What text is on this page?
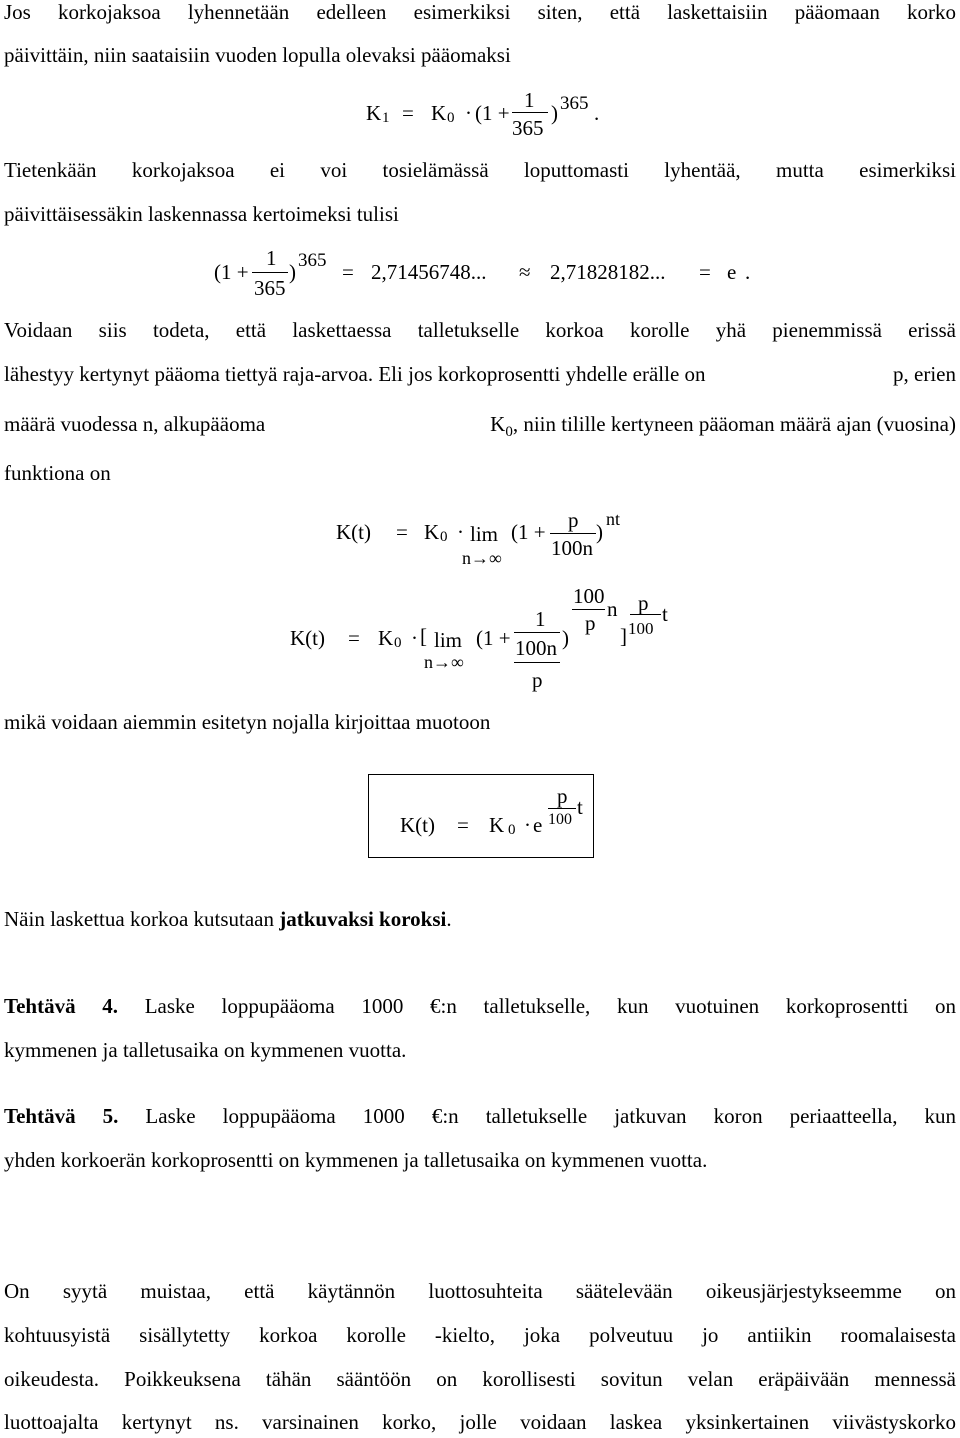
Jos korkojaksoa lyhennetään edelleen esimerkiksi siten, että laskettaisiin pääomaan korko
päivittäin, niin saataisiin vuoden lopulla olevaksi pääomaksi
K 1 = K 0 · (1 +
1
365
) 365 .
Tietenkään korkojaksoa ei voi tosielämässä loputtomasti lyhentää, mutta esimerkiksi
päivittäisessäkin laskennassa kertoimeksi tulisi
(1 +
1
365
) 365 = 2,71456748... ≈ 2,71828182... = e .
Voidaan siis todeta, että laskettaessa talletukselle korkoa korolle yhä pienemmissä erissä
lähestyy kertynyt pääoma tiettyä raja-arvoa. Eli jos korkoprosentti yhdelle erälle on	p, erien
määrä vuodessa n, alkupääoma	$K_0$, niin tilille kertyneen pääoman määrä ajan (vuosina)
funktiona on
K(t) = K 0 · lim
n→∞
(1 + p
100n
)
nt
K(t) = K 0 · [ lim
n→∞
(1 +
1
100n
p
)
100
p
n
]
p
100
t
mikä voidaan aiemmin esitetyn nojalla kirjoittaa muotoon
K(t) = K 0 · e
p
100
t
Näin laskettua korkoa kutsutaan jatkuvaksi koroksi.
Tehtävä 4. Laske loppupääoma 1000 €:n talletukselle, kun vuotuinen korkoprosentti on
kymmenen ja talletusaika on kymmenen vuotta.
Tehtävä 5. Laske loppupääoma 1000 €:n talletukselle jatkuvan koron periaatteella, kun
yhden korkoerän korkoprosentti on kymmenen ja talletusaika on kymmenen vuotta.
On syytä muistaa, että käytännön luottosuhteita säätelevään oikeusjärjestykseemme on
kohtuusyistä sisällytetty korkoa korolle -kielto, joka polveutuu jo antiikin roomalaisesta
oikeudesta. Poikkeuksena tähän sääntöön on korollisesti sovitun velan eräpäivään mennessä
luottoajalta kertynyt ns. varsinainen korko, jolle voidaan laskea yksinkertainen viivästyskorko
